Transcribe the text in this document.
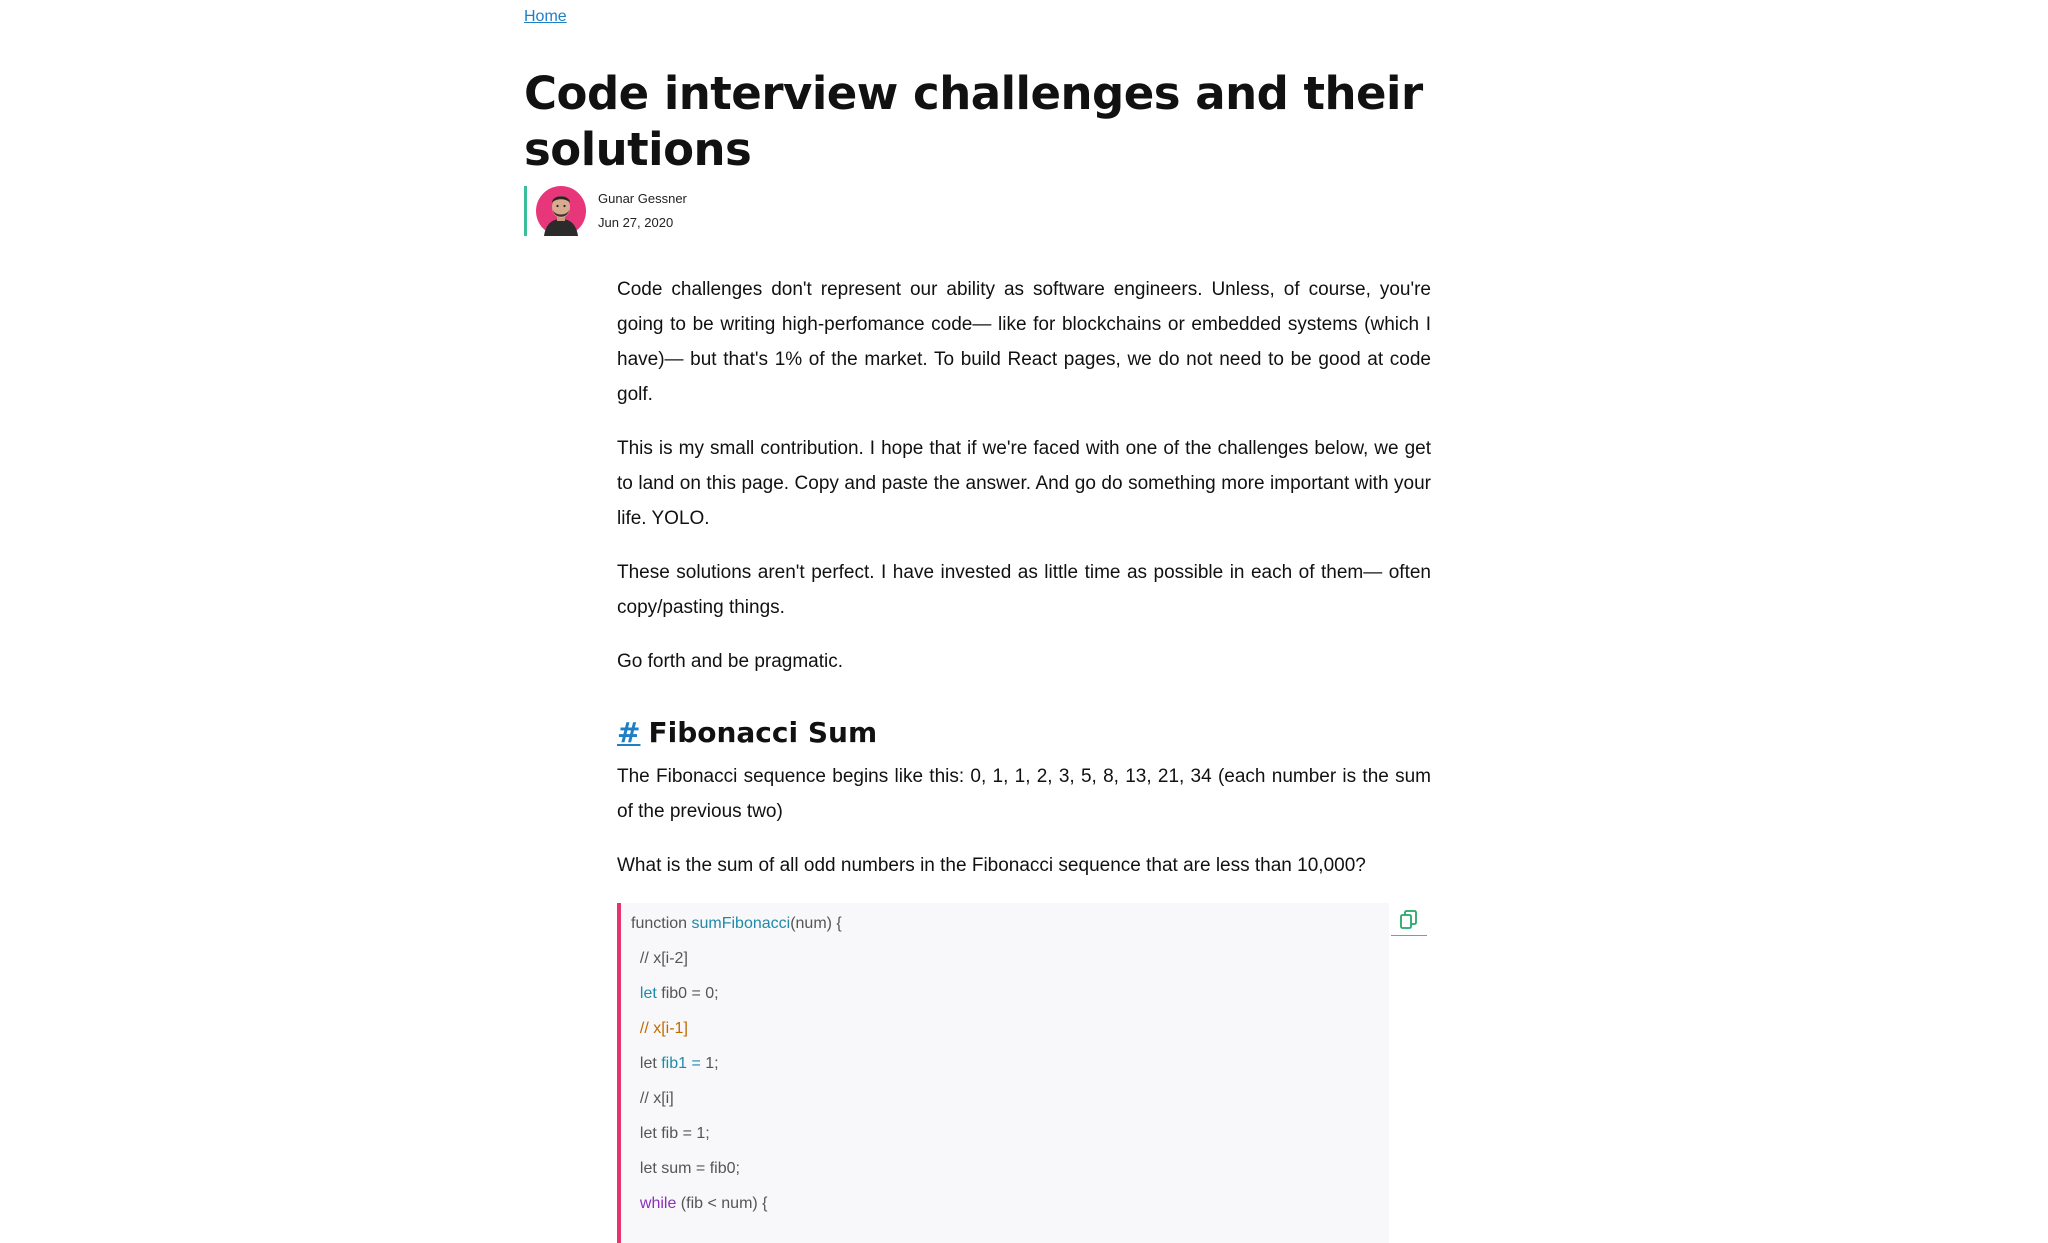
Home
Code interview challenges and their solutions
Gunar Gessner
Jun 27, 2020

Code challenges don't represent our ability as software engineers. Unless, of course, you're going to be writing high-perfomance code— like for blockchains or embedded systems (which I have)— but that's 1% of the market. To build React pages, we do not need to be good at code golf.

This is my small contribution. I hope that if we're faced with one of the challenges below, we get to land on this page. Copy and paste the answer. And go do something more important with your life. YOLO.

These solutions aren't perfect. I have invested as little time as possible in each of them— often copy/pasting things.

Go forth and be pragmatic.

# Fibonacci Sum

The Fibonacci sequence begins like this: 0, 1, 1, 2, 3, 5, 8, 13, 21, 34 (each number is the sum of the previous two)

What is the sum of all odd numbers in the Fibonacci sequence that are less than 10,000?

function sumFibonacci(num) {
// x[i-2]
let fib0 = 0;
// x[i-1]
let fib1 = 1;
// x[i]
let fib = 1;
let sum = fib0;
while (fib < num) {
